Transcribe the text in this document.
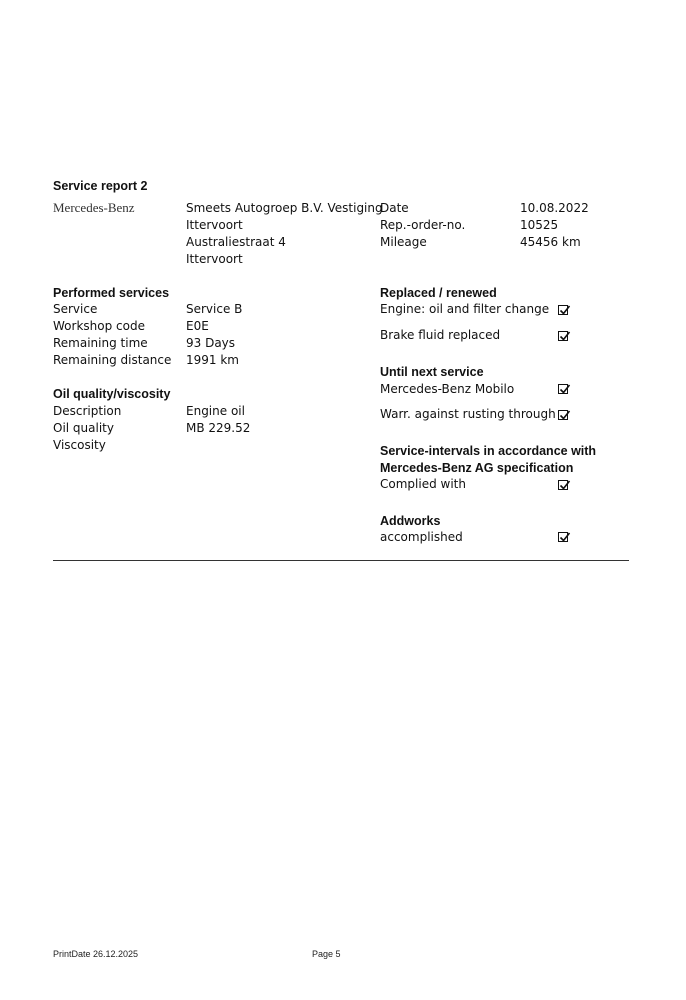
Service report 2
Mercedes-Benz	Smeets Autogroep B.V. Vestiging
Ittervoort
Australiestraat 4
Ittervoort
Date	10.08.2022
Rep.-order-no.	10525
Mileage	45456 km
Performed services
Service	Service B
Workshop code	E0E
Remaining time	93 Days
Remaining distance 1991 km
Oil quality/viscosity
Description	Engine oil
Oil quality	MB 229.52
Viscosity
Replaced / renewed
Engine: oil and filter change
Brake fluid replaced
Until next service
Mercedes-Benz Mobilo
Warr. against rusting through
Service-intervals in accordance with
Mercedes-Benz AG specification
Complied with
Addworks
accomplished
PrintDate 26.12.2025	Page 5
